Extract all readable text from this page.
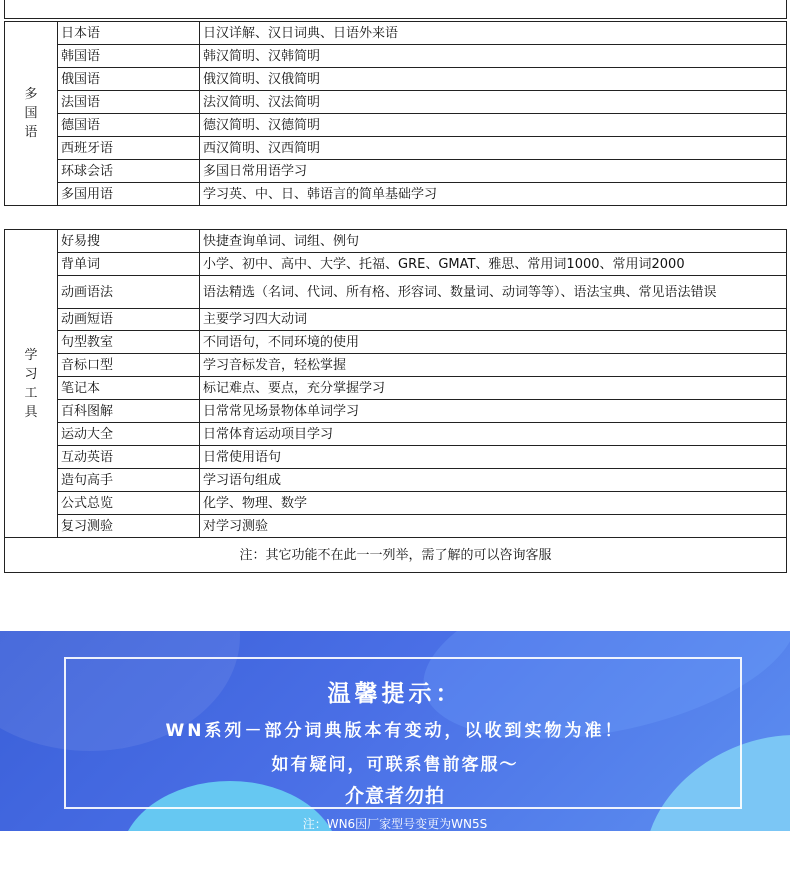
多国语	日本语	日汉详解、汉日词典、日语外来语
	韩国语	韩汉简明、汉韩简明
	俄国语	俄汉简明、汉俄简明
	法国语	法汉简明、汉法简明
	德国语	德汉简明、汉德简明
	西班牙语	西汉简明、汉西简明
	环球会话	多国日常用语学习
	多国用语	学习英、中、日、韩语言的简单基础学习
学习工具	好易搜	快捷查询单词、词组、例句
	背单词	小学、初中、高中、大学、托福、GRE、GMAT、雅思、常用词1000、常用词2000
	动画语法	语法精选（名词、代词、所有格、形容词、数量词、动词等等）、语法宝典、常见语法错误
	动画短语	主要学习四大动词
	句型教室	不同语句，不同环境的使用
	音标口型	学习音标发音，轻松掌握
	笔记本	标记难点、要点，充分掌握学习
	百科图解	日常常见场景物体单词学习
	运动大全	日常体育运动项目学习
	互动英语	日常使用语句
	造句高手	学习语句组成
	公式总览	化学、物理、数学
	复习测验	对学习测验
注：其它功能不在此一一列举，需了解的可以咨询客服		
温馨提示：
WN系列－部分词典版本有变动，以收到实物为准！
如有疑问，可联系售前客服～
介意者勿拍
注：WN6因厂家型号变更为WN5S
